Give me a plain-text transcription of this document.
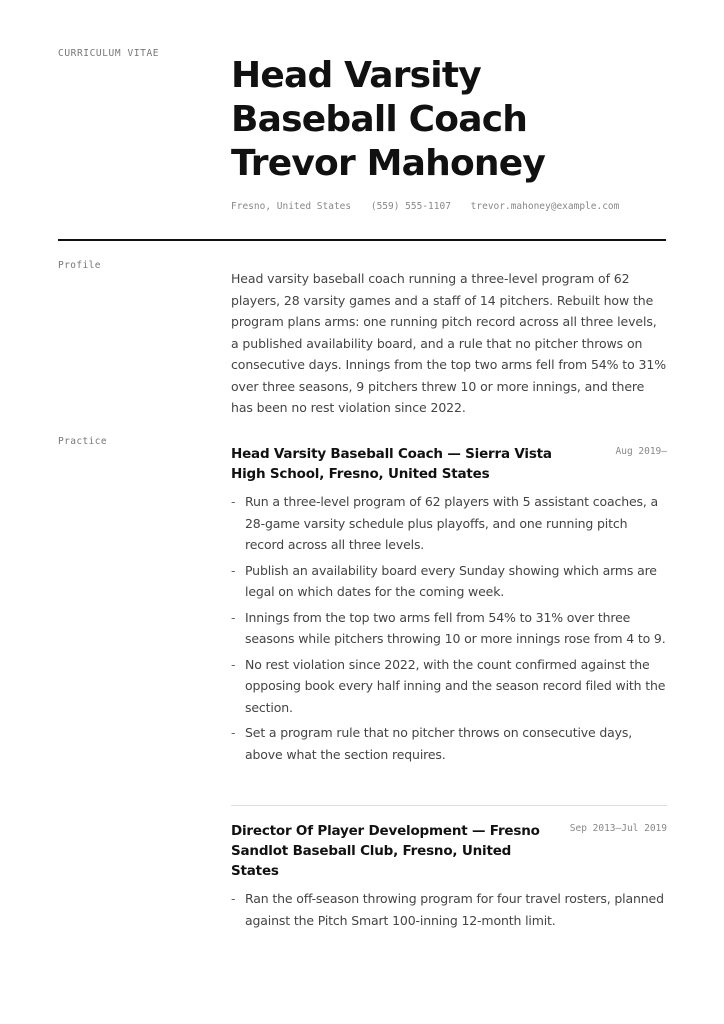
CURRICULUM VITAE
Head Varsity
Baseball Coach
Trevor Mahoney
Fresno, United States (559) 555-1107 trevor.mahoney@example.com
Profile
Head varsity baseball coach running a three-level program of 62 players, 28 varsity games and a staff of 14 pitchers. Rebuilt how the program plans arms: one running pitch record across all three levels, a published availability board, and a rule that no pitcher throws on consecutive days. Innings from the top two arms fell from 54% to 31% over three seasons, 9 pitchers threw 10 or more innings, and there has been no rest violation since 2022.
Practice
Head Varsity Baseball Coach — Sierra Vista High School, Fresno, United States
Aug 2019–
- Run a three-level program of 62 players with 5 assistant coaches, a 28-game varsity schedule plus playoffs, and one running pitch record across all three levels.
- Publish an availability board every Sunday showing which arms are legal on which dates for the coming week.
- Innings from the top two arms fell from 54% to 31% over three seasons while pitchers throwing 10 or more innings rose from 4 to 9.
- No rest violation since 2022, with the count confirmed against the opposing book every half inning and the season record filed with the section.
- Set a program rule that no pitcher throws on consecutive days, above what the section requires.
Director Of Player Development — Fresno Sandlot Baseball Club, Fresno, United States
Sep 2013–Jul 2019
- Ran the off-season throwing program for four travel rosters, planned against the Pitch Smart 100-inning 12-month limit.
